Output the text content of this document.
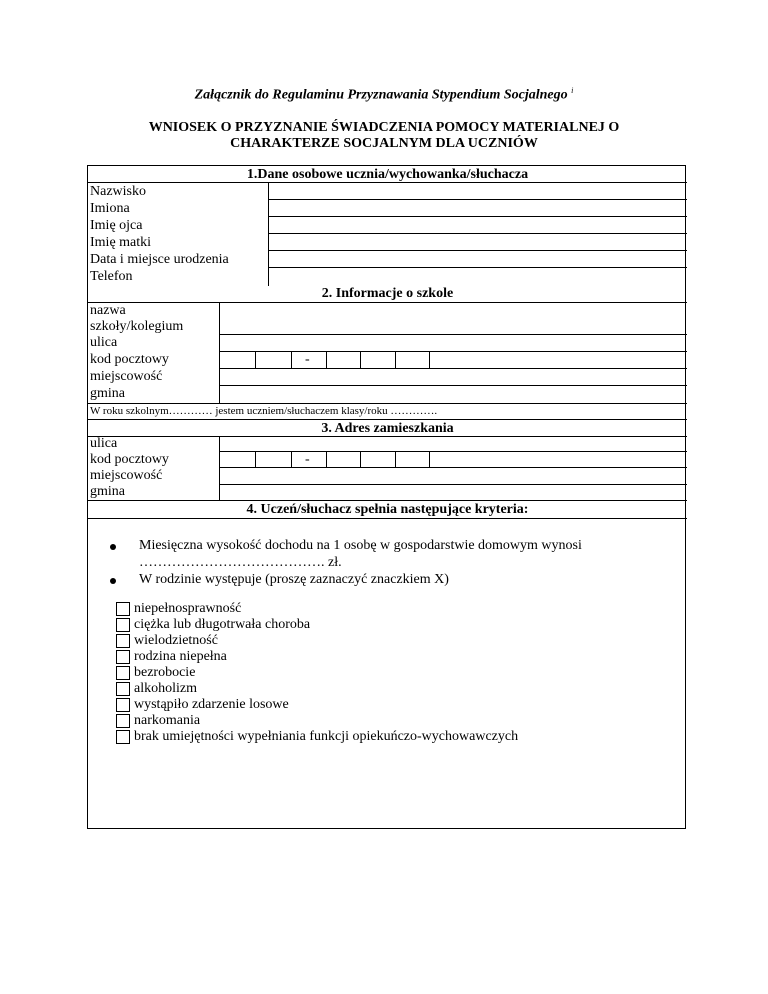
Załącznik do Regulaminu Przyznawania Stypendium Socjalnego $^i$
WNIOSEK O PRZYZNANIE ŚWIADCZENIA POMOCY MATERIALNEJ O
CHARAKTERZE SOCJALNYM DLA UCZNIÓW
1.Dane osobowe ucznia/wychowanka/słuchacza
Nazwisko
Imiona
Imię ojca
Imię matki
Data i miejsce urodzenia
Telefon
2. Informacje o szkole
nazwa
szkoły/kolegium
ulica
kod pocztowy	-
miejscowość
gmina
W roku szkolnym………… jestem uczniem/słuchaczem klasy/roku ………….
3. Adres zamieszkania
ulica
kod pocztowy	-
miejscowość
gmina
4. Uczeń/słuchacz spełnia następujące kryteria:
Miesięczna wysokość dochodu na 1 osobę w gospodarstwie domowym wynosi
…………………………………. zł.
W rodzinie występuje (proszę zaznaczyć znaczkiem X)
niepełnosprawność
ciężka lub długotrwała choroba
wielodzietność
rodzina niepełna
bezrobocie
alkoholizm
wystąpiło zdarzenie losowe
narkomania
brak umiejętności wypełniania funkcji opiekuńczo-wychowawczych
